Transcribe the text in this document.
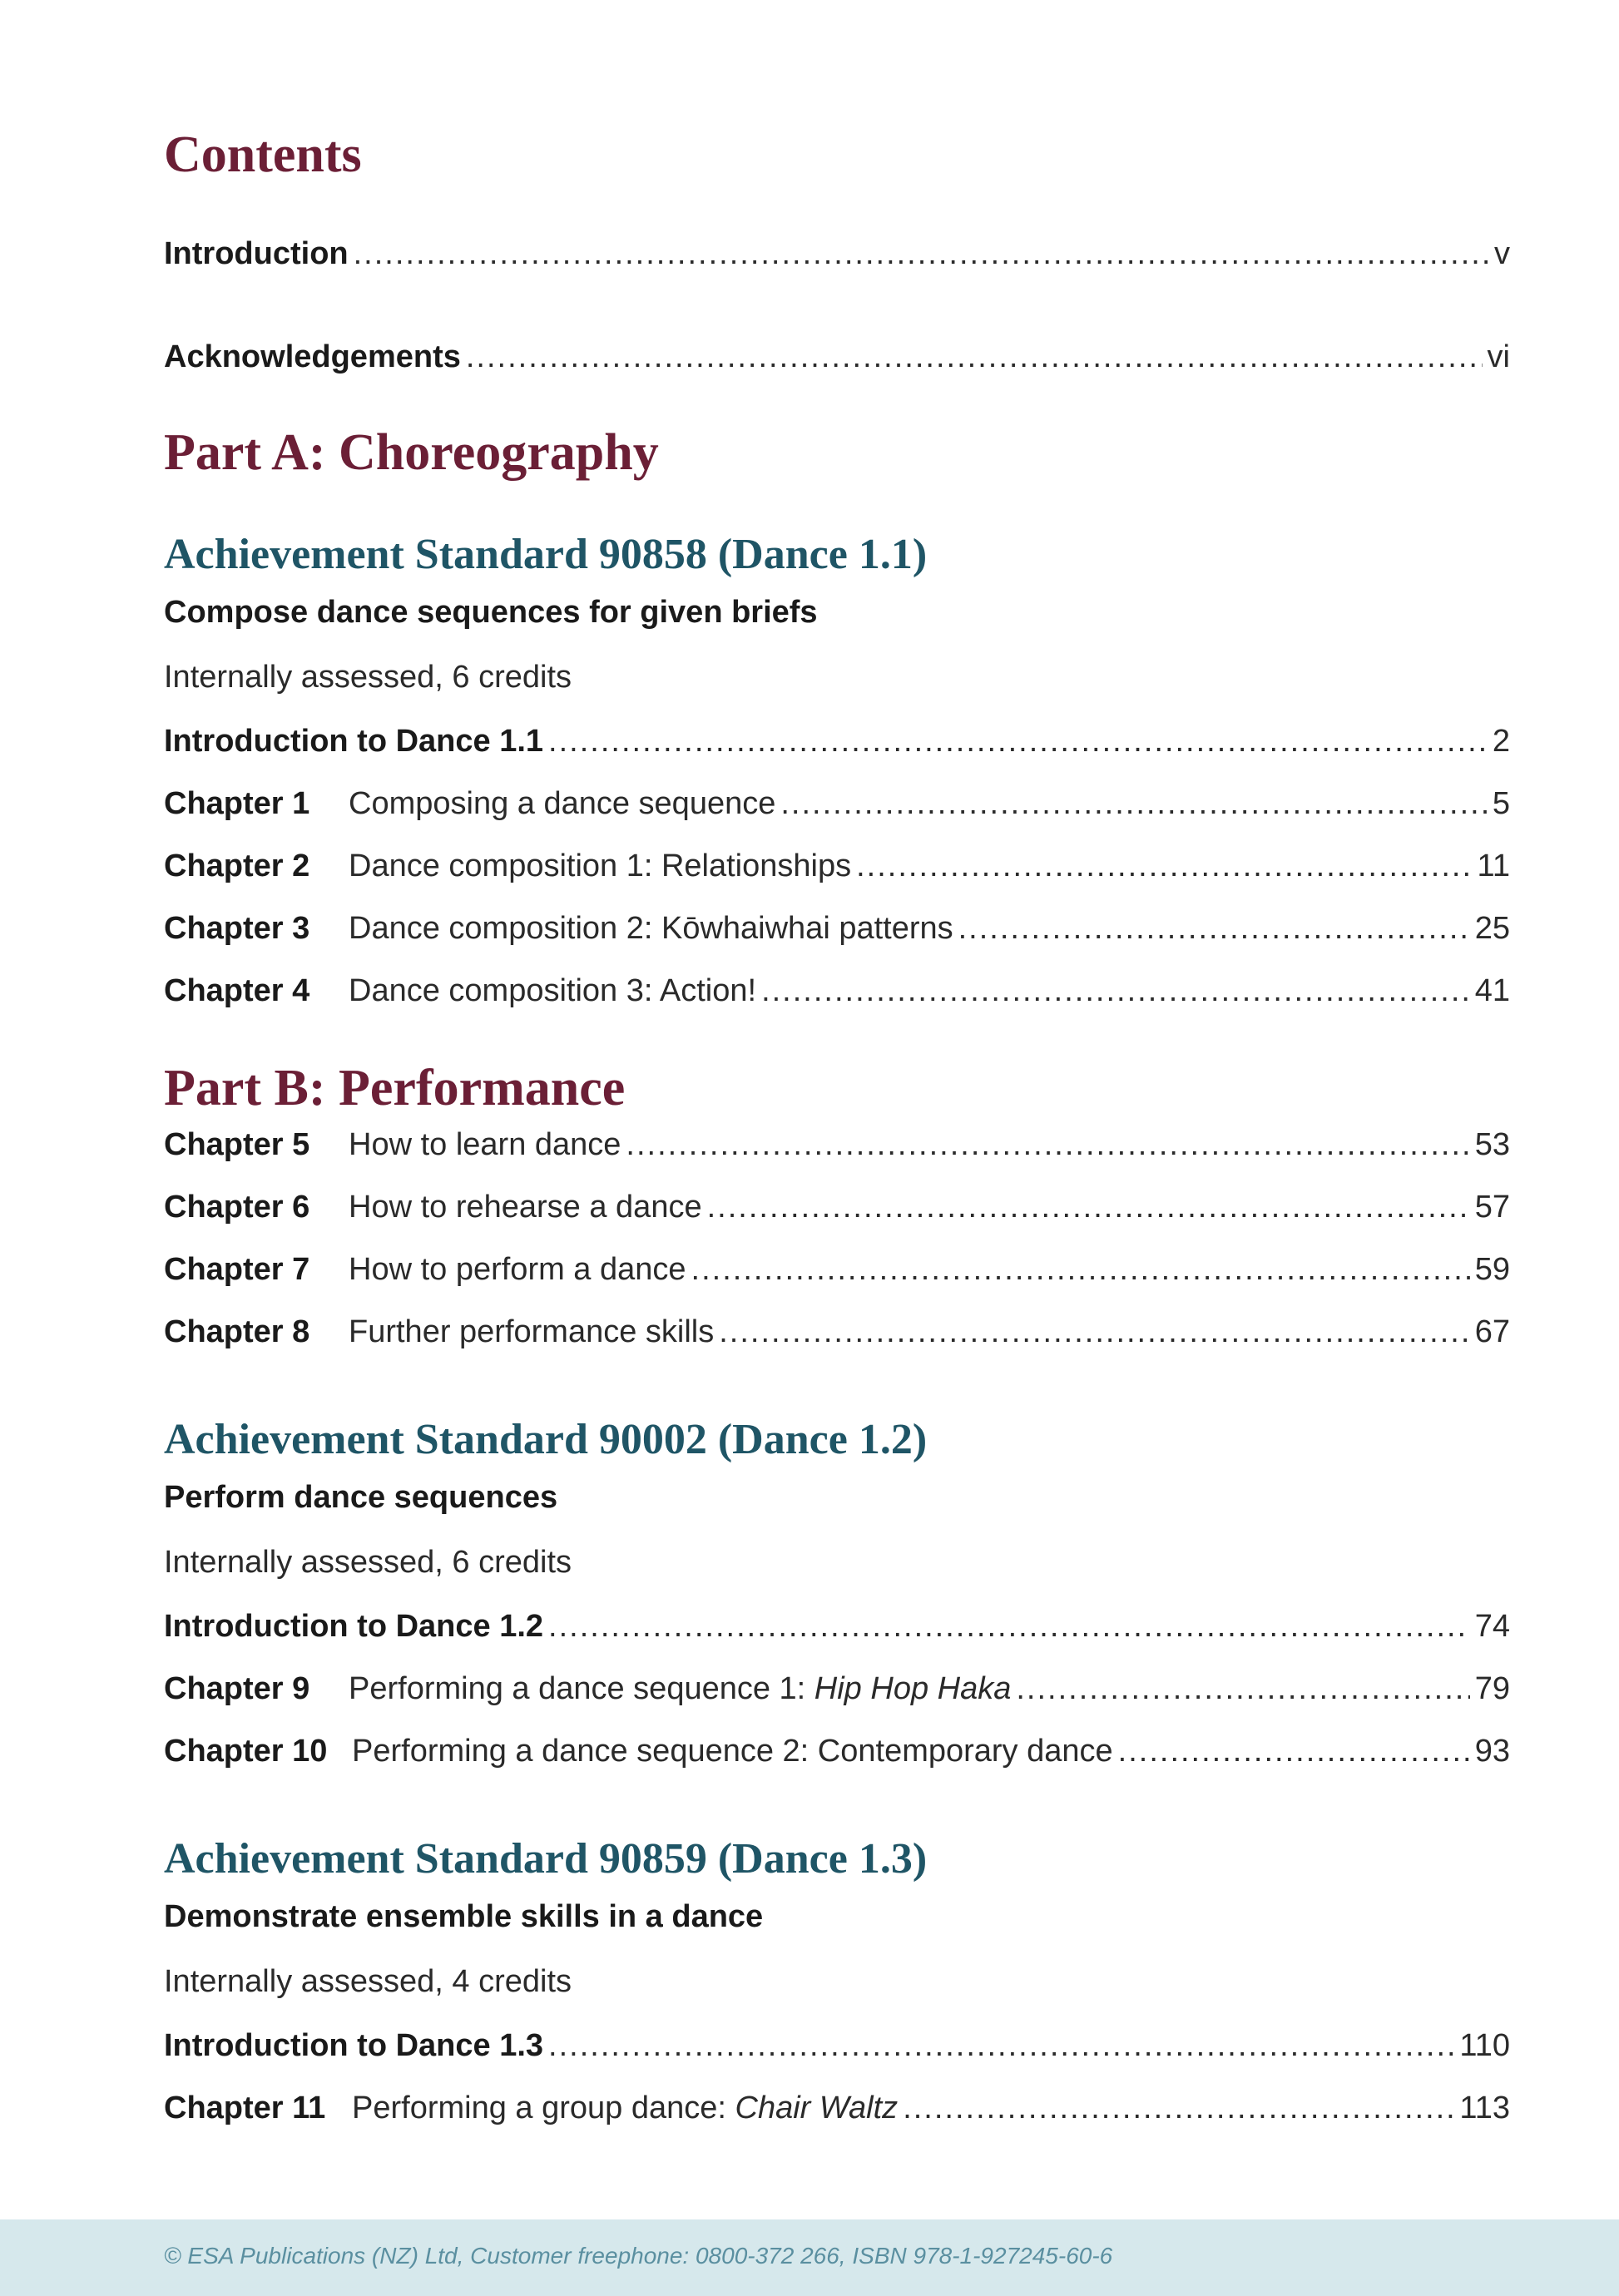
Contents
Introduction .....	v
Acknowledgements .....	vi
Part A: Choreography
Achievement Standard 90858 (Dance 1.1)
Compose dance sequences for given briefs
Internally assessed, 6 credits
Introduction to Dance 1.1 .....	2
Chapter 1	Composing a dance sequence .....	5
Chapter 2	Dance composition 1: Relationships .....	11
Chapter 3	Dance composition 2: Kōwhaiwhai patterns .....	25
Chapter 4	Dance composition 3: Action! .....	41
Part B: Performance
Chapter 5	How to learn dance .....	53
Chapter 6	How to rehearse a dance .....	57
Chapter 7	How to perform a dance .....	59
Chapter 8	Further performance skills .....	67
Achievement Standard 90002 (Dance 1.2)
Perform dance sequences
Internally assessed, 6 credits
Introduction to Dance 1.2 .....	74
Chapter 9	Performing a dance sequence 1: Hip Hop Haka .....	79
Chapter 10 Performing a dance sequence 2: Contemporary dance .....	93
Achievement Standard 90859 (Dance 1.3)
Demonstrate ensemble skills in a dance
Internally assessed, 4 credits
Introduction to Dance 1.3 .....	110
Chapter 11 Performing a group dance: Chair Waltz .....	113
© ESA Publications (NZ) Ltd, Customer freephone: 0800-372 266, ISBN 978-1-927245-60-6
